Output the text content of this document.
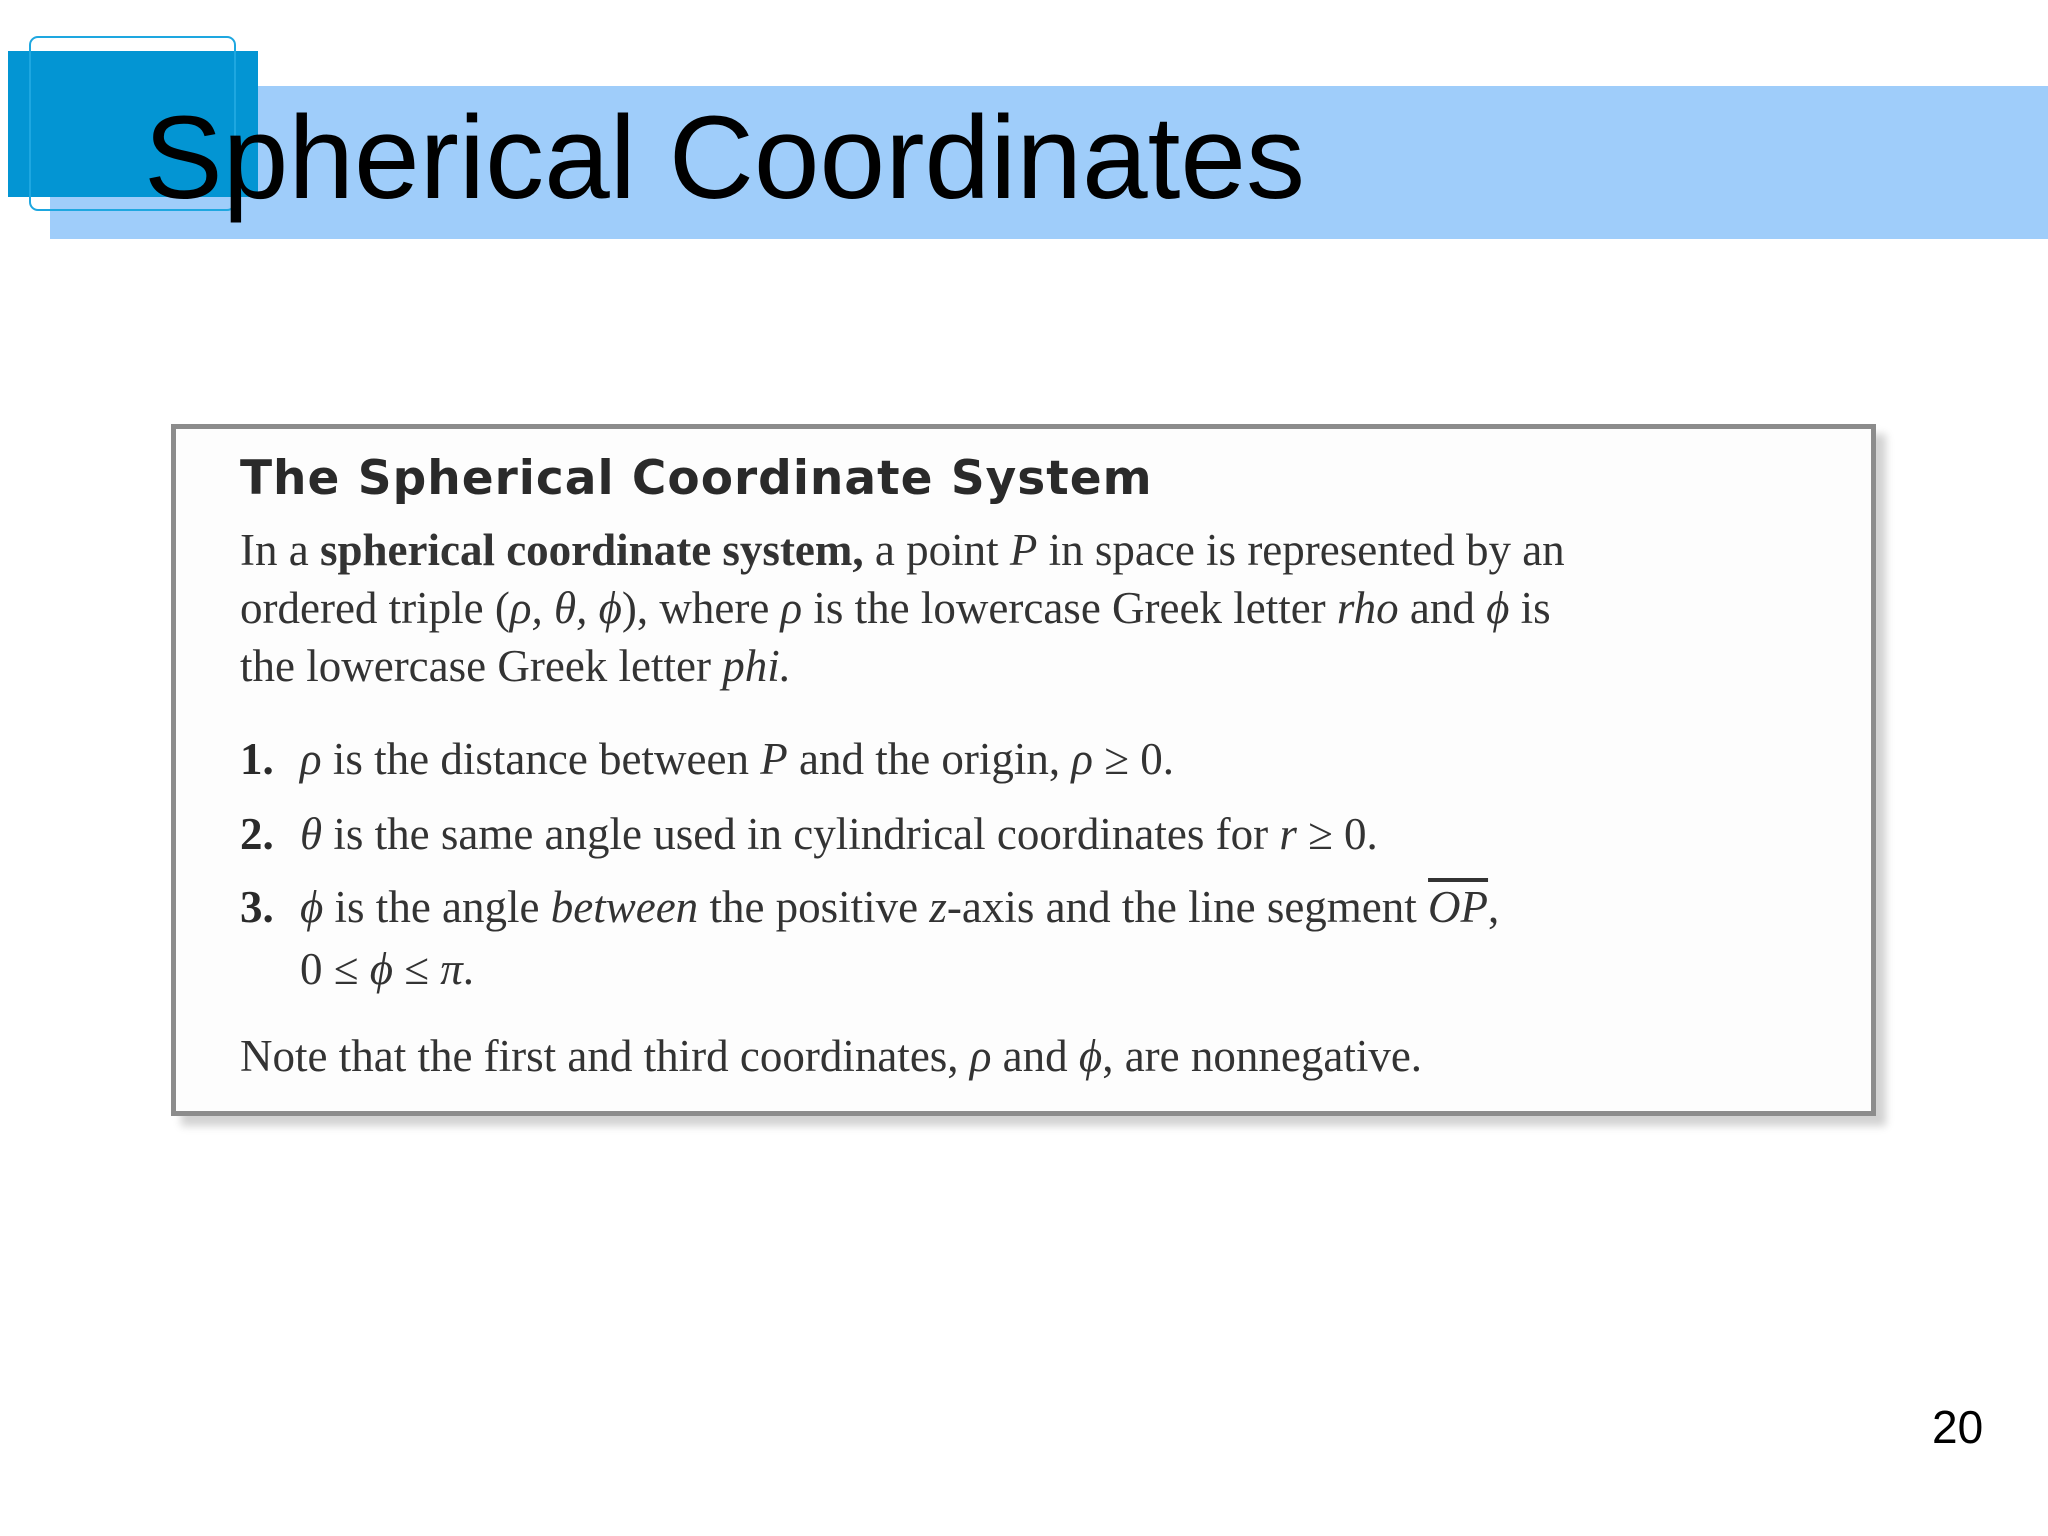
Spherical Coordinates
The Spherical Coordinate System
In a spherical coordinate system, a point P in space is represented by an
ordered triple (ρ, θ, ϕ), where ρ is the lowercase Greek letter rho and ϕ is
the lowercase Greek letter phi.
1. ρ is the distance between P and the origin, ρ ≥ 0.
2. θ is the same angle used in cylindrical coordinates for r ≥ 0.
3. ϕ is the angle between the positive z-axis and the line segment $\overline{OP}$,
0 ≤ ϕ ≤ π.
Note that the first and third coordinates, ρ and ϕ, are nonnegative.
20
